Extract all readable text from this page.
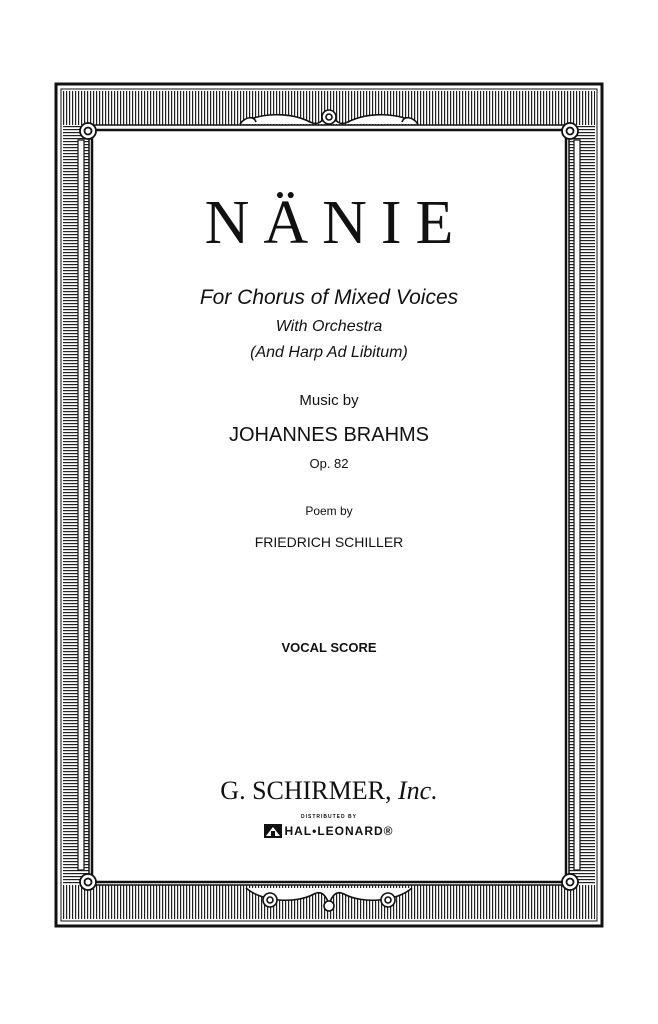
NÄNIE
For Chorus of Mixed Voices
With Orchestra
(And Harp Ad Libitum)
Music by
JOHANNES BRAHMS
Op. 82
Poem by
FRIEDRICH SCHILLER
VOCAL SCORE
G. SCHIRMER, Inc.
DISTRIBUTED BY
HAL•LEONARD®
